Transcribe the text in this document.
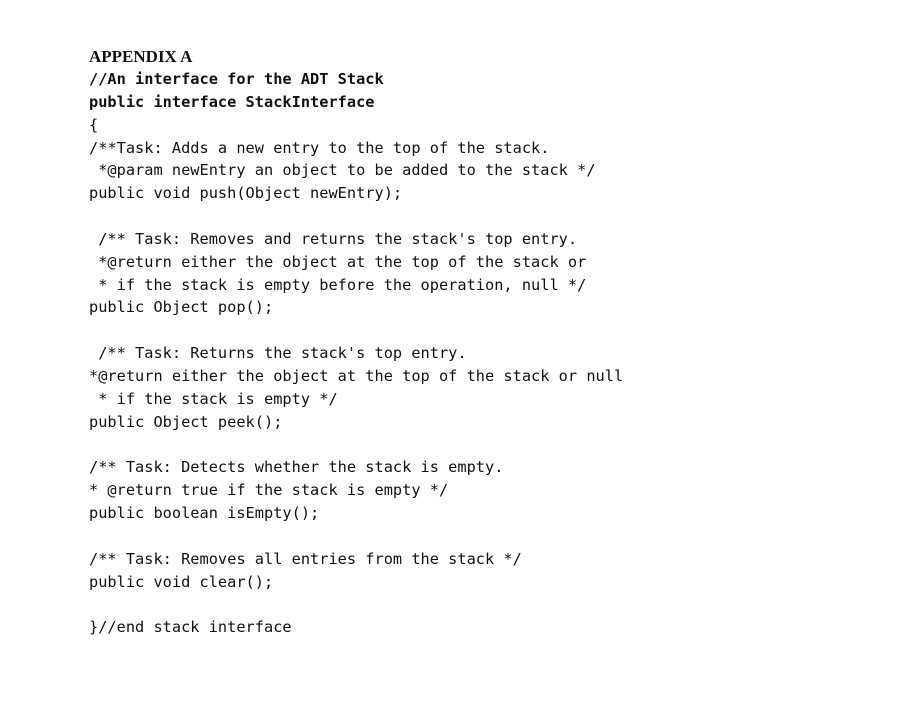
APPENDIX A
//An interface for the ADT Stack
public interface StackInterface
{
/**Task: Adds a new entry to the top of the stack.
*@param newEntry an object to be added to the stack */
public void push(Object newEntry);
/** Task: Removes and returns the stack's top entry.
*@return either the object at the top of the stack or
* if the stack is empty before the operation, null */
public Object pop();
/** Task: Returns the stack's top entry.
*@return either the object at the top of the stack or null
* if the stack is empty */
public Object peek();
/** Task: Detects whether the stack is empty.
* @return true if the stack is empty */
public boolean isEmpty();
/** Task: Removes all entries from the stack */
public void clear();
}//end stack interface
